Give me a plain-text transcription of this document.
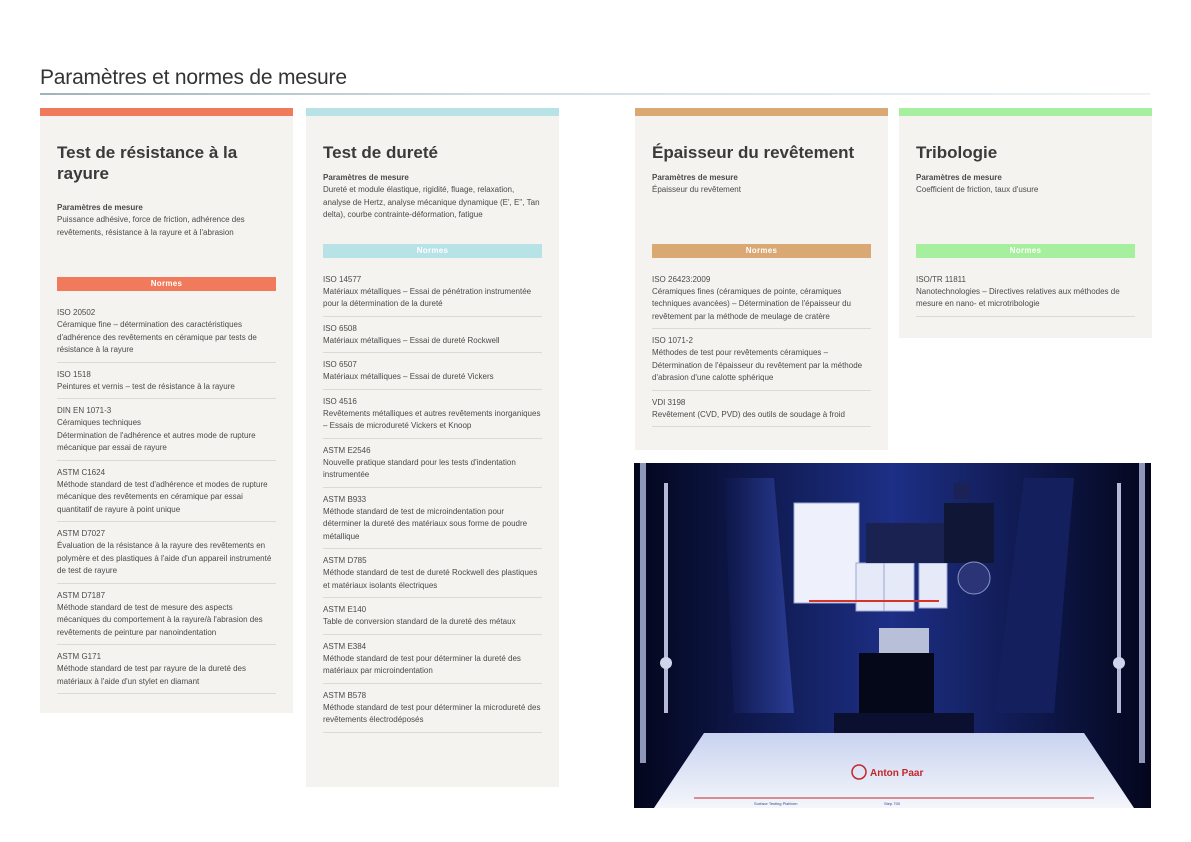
Paramètres et normes de mesure
Test de résistance à la rayure
Paramètres de mesure
Puissance adhésive, force de friction, adhérence des revêtements, résistance à la rayure et à l'abrasion
Normes
ISO 20502
Céramique fine – détermination des caractéristiques d'adhérence des revêtements en céramique par tests de résistance à la rayure
ISO 1518
Peintures et vernis – test de résistance à la rayure
DIN EN 1071-3
Céramiques techniques
Détermination de l'adhérence et autres mode de rupture mécanique par essai de rayure
ASTM C1624
Méthode standard de test d'adhérence et modes de rupture mécanique des revêtements en céramique par essai quantitatif de rayure à point unique
ASTM D7027
Évaluation de la résistance à la rayure des revêtements en polymère et des plastiques à l'aide d'un appareil instrumenté de test de rayure
ASTM D7187
Méthode standard de test de mesure des aspects mécaniques du comportement à la rayure/à l'abrasion des revêtements de peinture par nanoindentation
ASTM G171
Méthode standard de test par rayure de la dureté des matériaux à l'aide d'un stylet en diamant
Test de dureté
Paramètres de mesure
Dureté et module élastique, rigidité, fluage, relaxation, analyse de Hertz, analyse mécanique dynamique (E', E'', Tan delta), courbe contrainte-déformation, fatigue
Normes
ISO 14577
Matériaux métalliques – Essai de pénétration instrumentée pour la détermination de la dureté
ISO 6508
Matériaux métalliques – Essai de dureté Rockwell
ISO 6507
Matériaux métalliques – Essai de dureté Vickers
ISO 4516
Revêtements métalliques et autres revêtements inorganiques – Essais de microdureté Vickers et Knoop
ASTM E2546
Nouvelle pratique standard pour les tests d'indentation instrumentée
ASTM B933
Méthode standard de test de microindentation pour déterminer la dureté des matériaux sous forme de poudre métallique
ASTM D785
Méthode standard de test de dureté Rockwell des plastiques et matériaux isolants électriques
ASTM E140
Table de conversion standard de la dureté des métaux
ASTM E384
Méthode standard de test pour déterminer la dureté des matériaux par microindentation
ASTM B578
Méthode standard de test pour déterminer la microdureté des revêtements électrodéposés
Épaisseur du revêtement
Paramètres de mesure
Épaisseur du revêtement
Normes
ISO 26423:2009
Céramiques fines (céramiques de pointe, céramiques techniques avancées) – Détermination de l'épaisseur du revêtement par la méthode de meulage de cratère
ISO 1071-2
Méthodes de test pour revêtements céramiques – Détermination de l'épaisseur du revêtement par la méthode d'abrasion d'une calotte sphérique
VDI 3198
Revêtement (CVD, PVD) des outils de soudage à froid
Tribologie
Paramètres de mesure
Coefficient de friction, taux d'usure
Normes
ISO/TR 11811
Nanotechnologies – Directives relatives aux méthodes de mesure en nano- et microtribologie
Anton Paar
Surface Testing Platform	Step 700
